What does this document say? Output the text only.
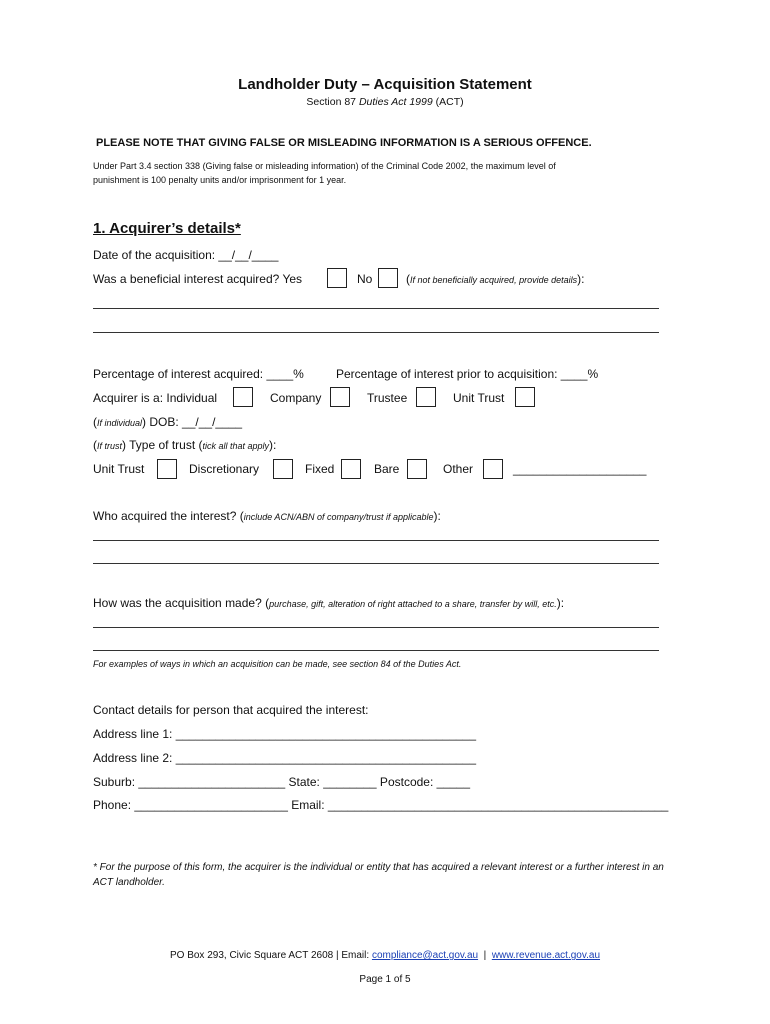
Landholder Duty – Acquisition Statement
Section 87 Duties Act 1999 (ACT)
PLEASE NOTE THAT GIVING FALSE OR MISLEADING INFORMATION IS A SERIOUS OFFENCE.
Under Part 3.4 section 338 (Giving false or misleading information) of the Criminal Code 2002, the maximum level of
punishment is 100 penalty units and/or imprisonment for 1 year.
1. Acquirer’s details*
Date of the acquisition: __/__/____
Was a beneficial interest acquired? Yes	No	(If not beneficially acquired, provide details):
Percentage of interest acquired: ____%	Percentage of interest prior to acquisition: ____%
Acquirer is a: Individual	Company	Trustee	Unit Trust
(If individual) DOB: __/__/____
(If trust) Type of trust (tick all that apply):
Unit Trust	Discretionary	Fixed	Bare	Other	____________________
Who acquired the interest? (include ACN/ABN of company/trust if applicable):
How was the acquisition made? (purchase, gift, alteration of right attached to a share, transfer by will, etc.):
For examples of ways in which an acquisition can be made, see section 84 of the Duties Act.
Contact details for person that acquired the interest:
Address line 1: _____________________________________________
Address line 2: _____________________________________________
Suburb: ______________________ State: ________ Postcode: _____
Phone: _______________________ Email: ___________________________________________________
* For the purpose of this form, the acquirer is the individual or entity that has acquired a relevant interest or a further interest in an ACT landholder.
PO Box 293, Civic Square ACT 2608 | Email: compliance@act.gov.au | www.revenue.act.gov.au
Page 1 of 5
